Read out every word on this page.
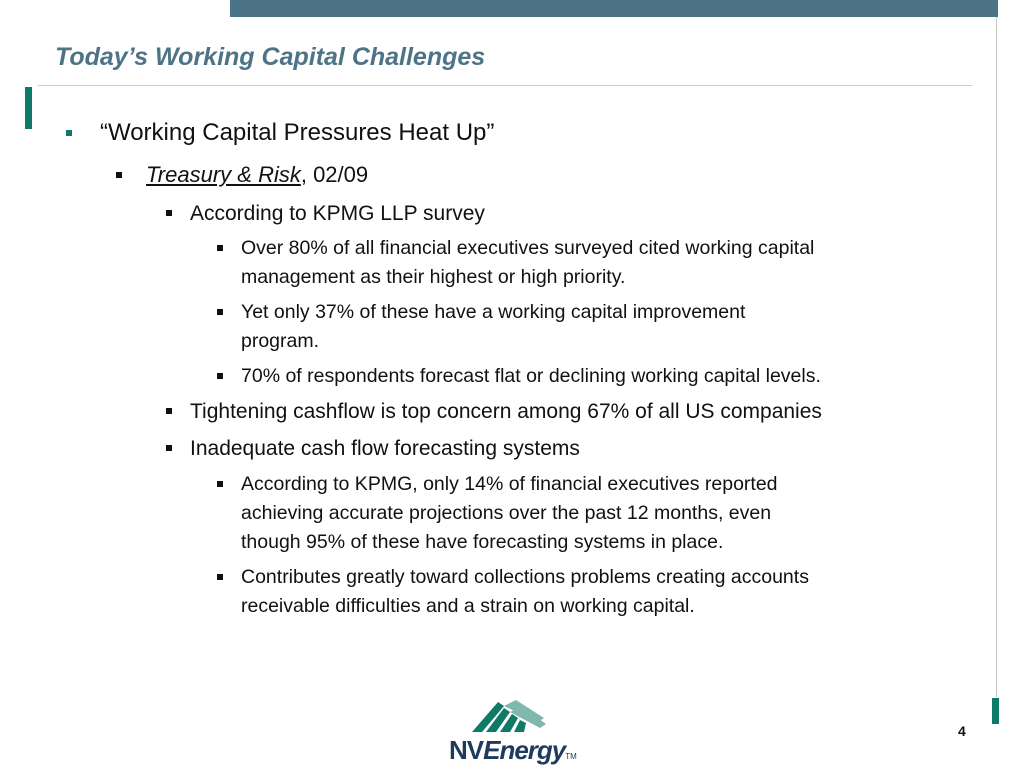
Today’s Working Capital Challenges
“Working Capital Pressures Heat Up”
Treasury & Risk, 02/09
According to KPMG LLP survey
Over 80% of all financial executives surveyed cited working capital
management as their highest or high priority.
Yet only 37% of these have a working capital improvement
program.
70% of respondents forecast flat or declining working capital levels.
Tightening cashflow is top concern among 67% of all US companies
Inadequate cash flow forecasting systems
According to KPMG, only 14% of financial executives reported
achieving accurate projections over the past 12 months, even
though 95% of these have forecasting systems in place.
Contributes greatly toward collections problems creating accounts
receivable difficulties and a strain on working capital.
NVEnergyTM
4
